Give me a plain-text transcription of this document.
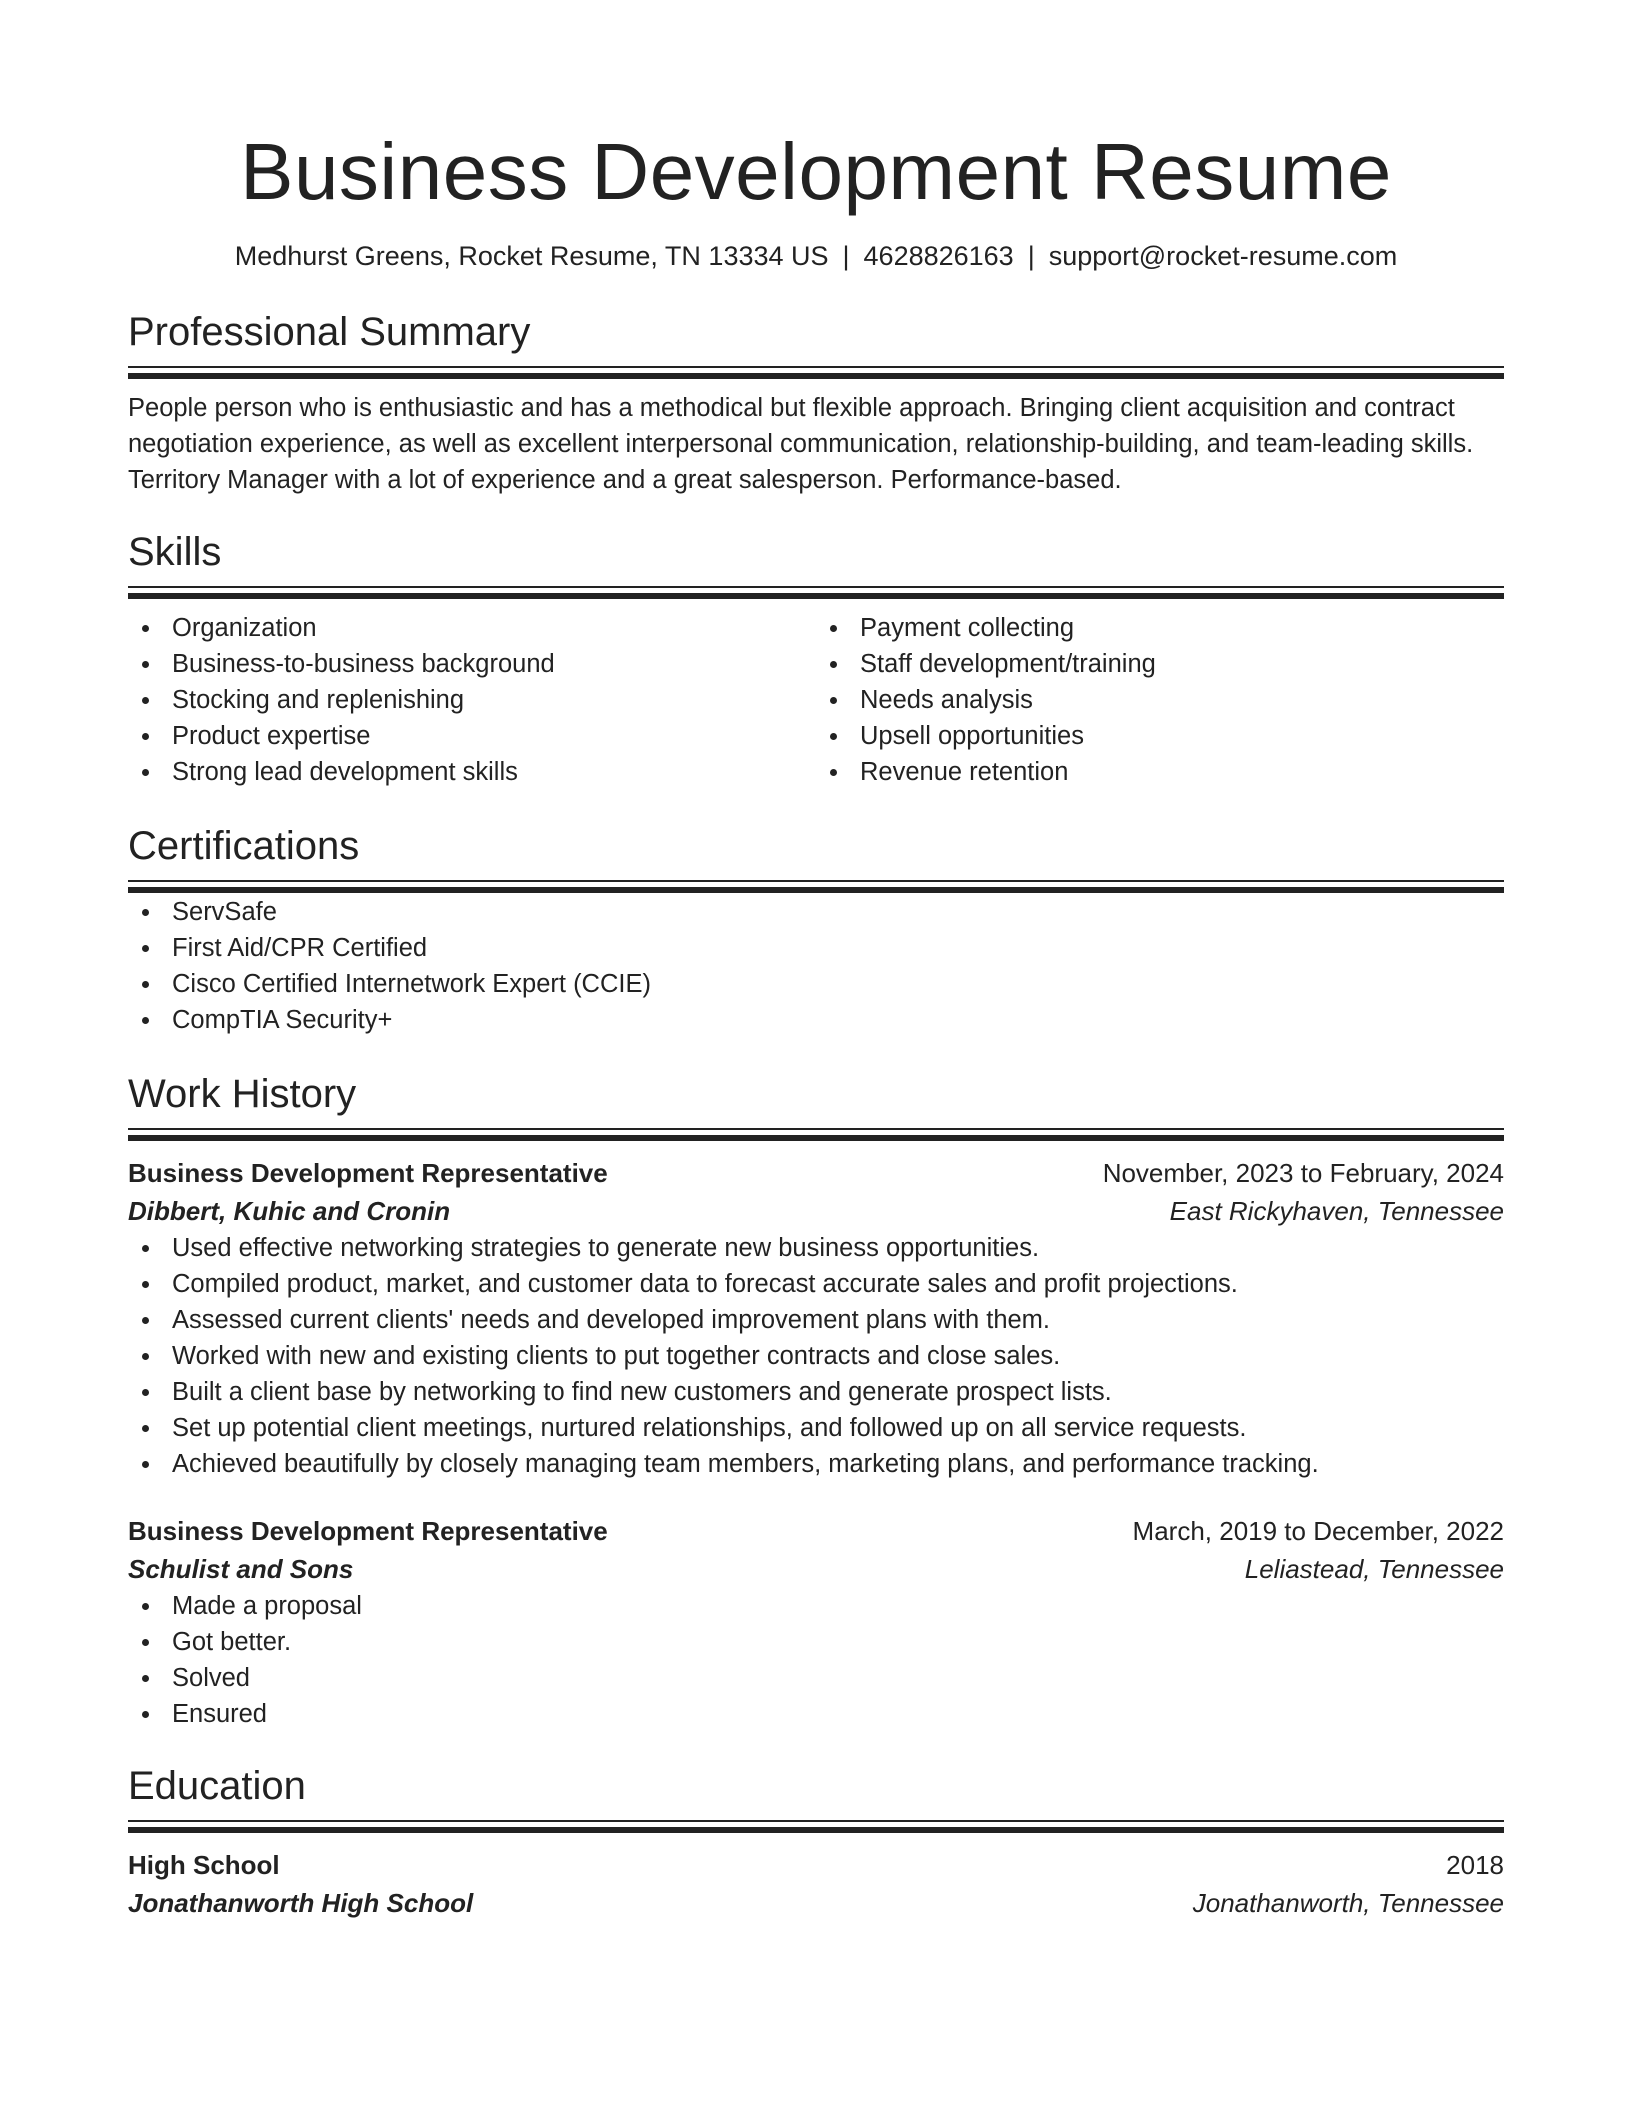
Business Development Resume
Medhurst Greens, Rocket Resume, TN 13334 US | 4628826163 | support@rocket-resume.com
Professional Summary

People person who is enthusiastic and has a methodical but flexible approach. Bringing client acquisition and contract negotiation experience, as well as excellent interpersonal communication, relationship-building, and team-leading skills. Territory Manager with a lot of experience and a great salesperson. Performance-based.

Skills
Organization
Business-to-business background
Stocking and replenishing
Product expertise
Strong lead development skills
Payment collecting
Staff development/training
Needs analysis
Upsell opportunities
Revenue retention
Certifications
ServSafe
First Aid/CPR Certified
Cisco Certified Internetwork Expert (CCIE)
CompTIA Security+
Work History
Business Development Representative	November, 2023 to February, 2024
Dibbert, Kuhic and Cronin	East Rickyhaven, Tennessee
Used effective networking strategies to generate new business opportunities.
Compiled product, market, and customer data to forecast accurate sales and profit projections.
Assessed current clients' needs and developed improvement plans with them.
Worked with new and existing clients to put together contracts and close sales.
Built a client base by networking to find new customers and generate prospect lists.
Set up potential client meetings, nurtured relationships, and followed up on all service requests.
Achieved beautifully by closely managing team members, marketing plans, and performance tracking.
Business Development Representative	March, 2019 to December, 2022
Schulist and Sons	Leliastead, Tennessee
Made a proposal
Got better.
Solved
Ensured
Education
High School	2018
Jonathanworth High School	Jonathanworth, Tennessee
